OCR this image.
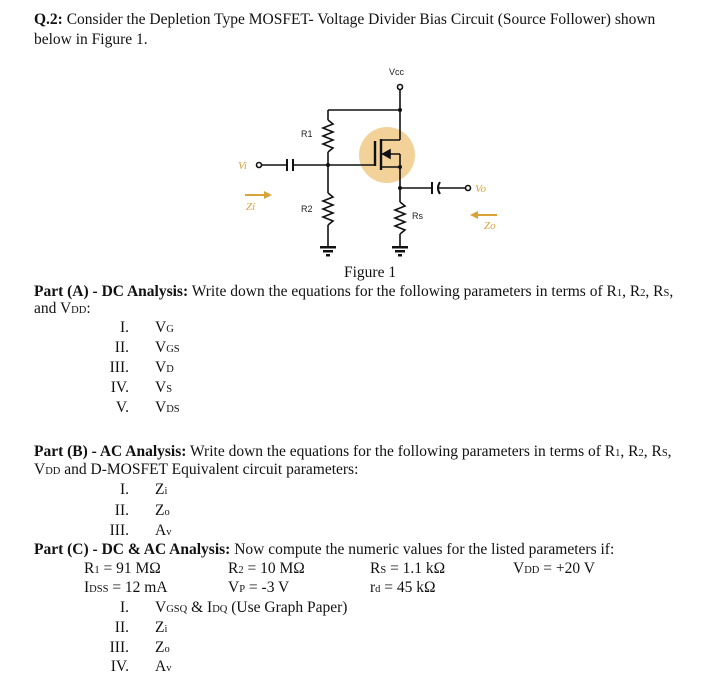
Q.2: Consider the Depletion Type MOSFET- Voltage Divider Bias Circuit (Source Follower) shown
below in Figure 1.
Vcc
R1
R2
Rs
Vi
Vo
Zi
Zo
Figure 1
Part (A) - DC Analysis: Write down the equations for the following parameters in terms of R1, R2, RS,
and VDD:
I. VG
II. VGS
III. VD
IV. VS
V. VDS
Part (B) - AC Analysis: Write down the equations for the following parameters in terms of R1, R2, RS,
VDD and D-MOSFET Equivalent circuit parameters:
I. Zi
II. Zo
III. Av
Part (C) - DC & AC Analysis: Now compute the numeric values for the listed parameters if:
R1 = 91 MΩ	R2 = 10 MΩ	RS = 1.1 kΩ	VDD = +20 V
IDSS = 12 mA	VP = -3 V	rd = 45 kΩ
I. VGSQ & IDQ (Use Graph Paper)
II. Zi
III. Zo
IV. Av
